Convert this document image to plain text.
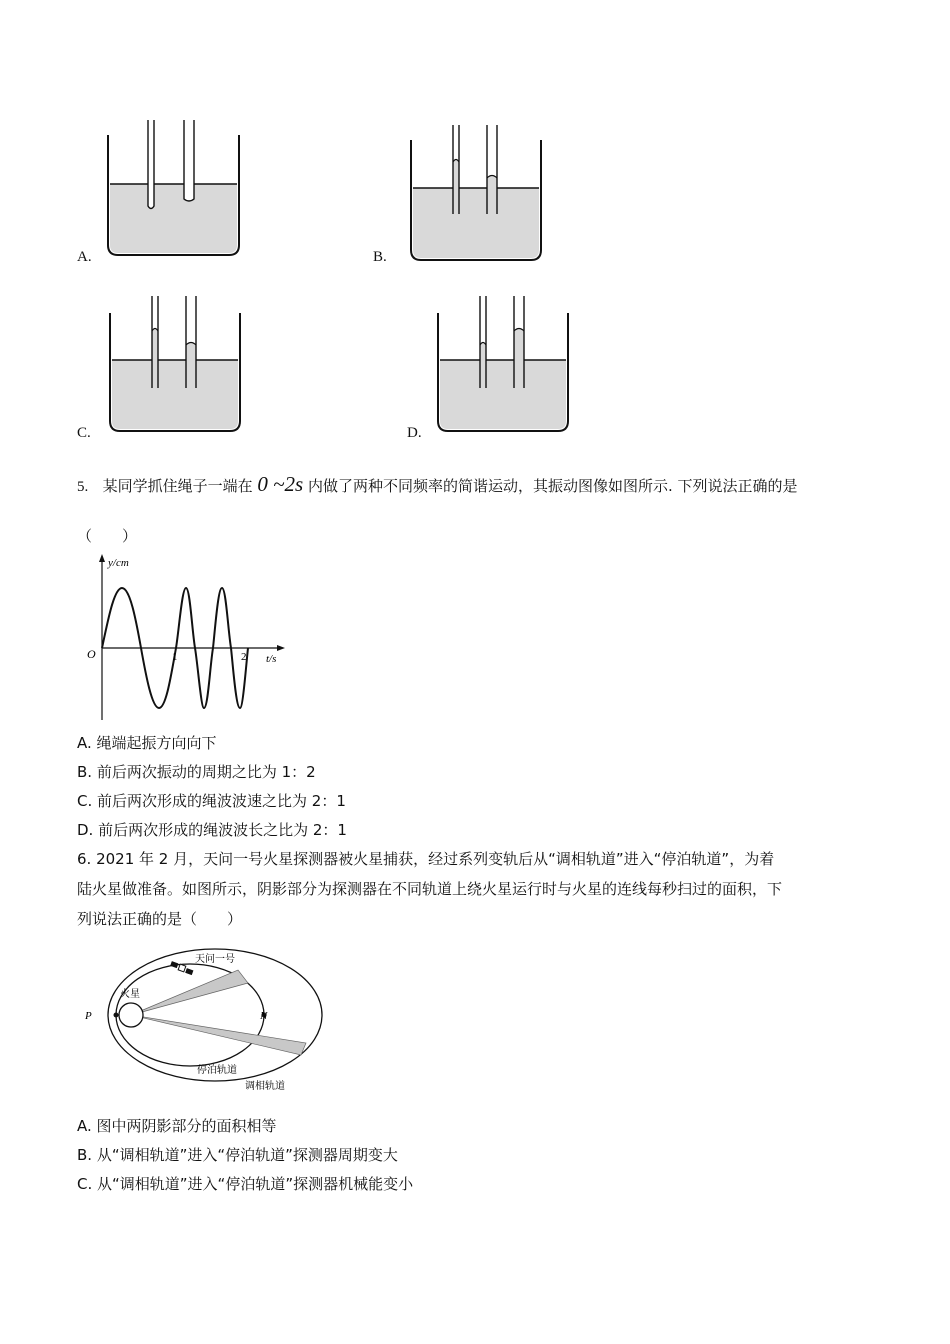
A.	B.
C.	D.
5. 某同学抓住绳子一端在 0 ~2s 内做了两种不同频率的简谐运动，其振动图像如图所示. 下列说法正确的是
（　　）
y/cm
t/s
O	1	2
A. 绳端起振方向向下
B. 前后两次振动的周期之比为 1：2
C. 前后两次形成的绳波波速之比为 2：1
D. 前后两次形成的绳波波长之比为 2：1
6. 2021 年 2 月，天问一号火星探测器被火星捕获，经过系列变轨后从“调相轨道”进入“停泊轨道”，为着
陆火星做准备。如图所示，阴影部分为探测器在不同轨道上绕火星运行时与火星的连线每秒扫过的面积，下
列说法正确的是（　　）
天问一号
火星
P	N
停泊轨道
调相轨道
A. 图中两阴影部分的面积相等
B. 从“调相轨道”进入“停泊轨道”探测器周期变大
C. 从“调相轨道”进入“停泊轨道”探测器机械能变小
